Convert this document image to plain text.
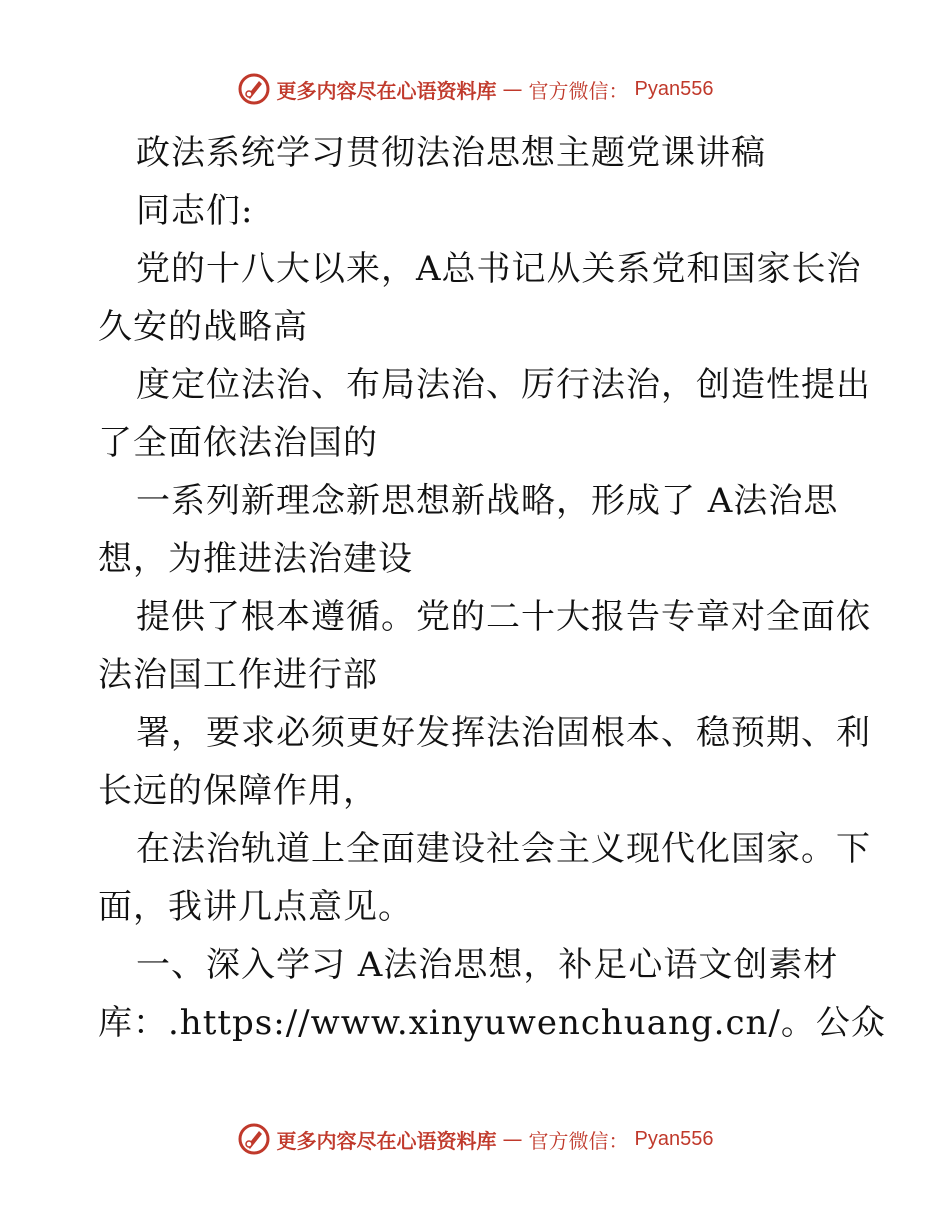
更多内容尽在心语资料库 — 官方微信： Pyan556
政法系统学习贯彻法治思想主题党课讲稿
同志们:
党的十八大以来，A总书记从关系党和国家长治
久安的战略高
度定位法治、布局法治、厉行法治，创造性提出
了全面依法治国的
一系列新理念新思想新战略，形成了 A法治思
想，为推进法治建设
提供了根本遵循。党的二十大报告专章对全面依
法治国工作进行部
署，要求必须更好发挥法治固根本、稳预期、利
长远的保障作用，
在法治轨道上全面建设社会主义现代化国家。下
面，我讲几点意见。
一、深入学习 A法治思想，补足心语文创素材
库：.https://www.xinyuwenchuang.cn/。公众
更多内容尽在心语资料库 — 官方微信： Pyan556
